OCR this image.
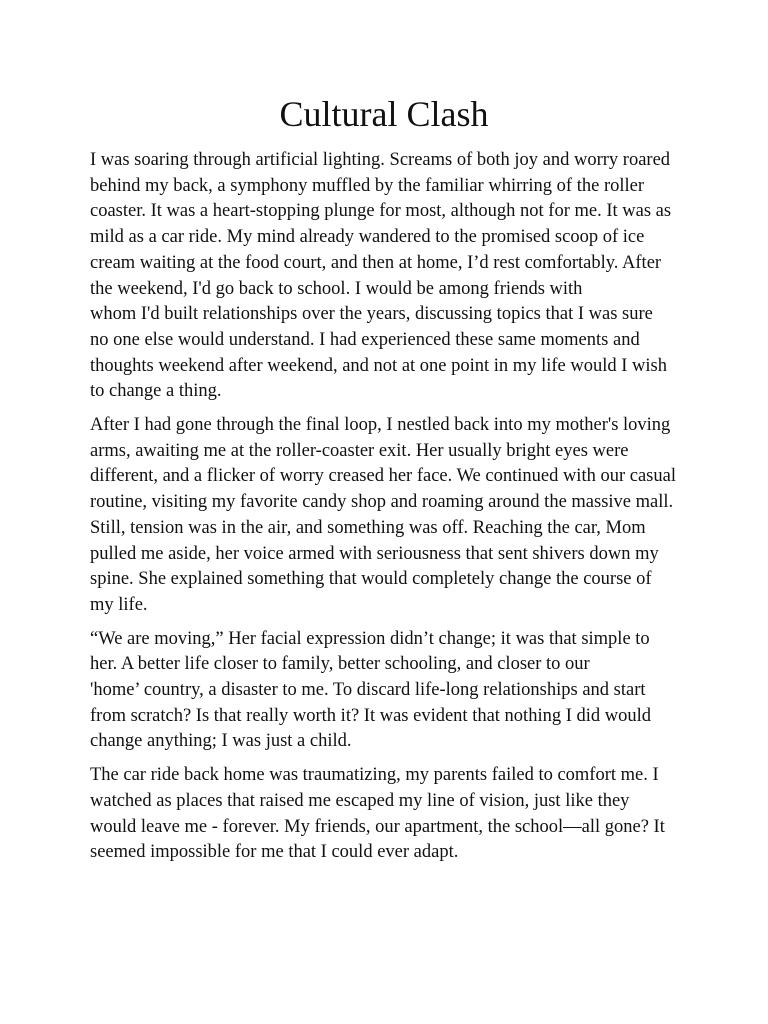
Cultural Clash

I was soaring through artificial lighting. Screams of both joy and worry roared
behind my back, a symphony muffled by the familiar whirring of the roller
coaster. It was a heart-stopping plunge for most, although not for me. It was as
mild as a car ride. My mind already wandered to the promised scoop of ice
cream waiting at the food court, and then at home, I’d rest comfortably. After
the weekend, I'd go back to school. I would be among friends with
whom I'd built relationships over the years, discussing topics that I was sure
no one else would understand. I had experienced these same moments and
thoughts weekend after weekend, and not at one point in my life would I wish
to change a thing.

After I had gone through the final loop, I nestled back into my mother's loving
arms, awaiting me at the roller-coaster exit. Her usually bright eyes were
different, and a flicker of worry creased her face. We continued with our casual
routine, visiting my favorite candy shop and roaming around the massive mall.
Still, tension was in the air, and something was off. Reaching the car, Mom
pulled me aside, her voice armed with seriousness that sent shivers down my
spine. She explained something that would completely change the course of
my life.

“We are moving,” Her facial expression didn’t change; it was that simple to
her. A better life closer to family, better schooling, and closer to our
'home’ country, a disaster to me. To discard life-long relationships and start
from scratch? Is that really worth it? It was evident that nothing I did would
change anything; I was just a child.

The car ride back home was traumatizing, my parents failed to comfort me. I
watched as places that raised me escaped my line of vision, just like they
would leave me - forever. My friends, our apartment, the school—all gone? It
seemed impossible for me that I could ever adapt.
